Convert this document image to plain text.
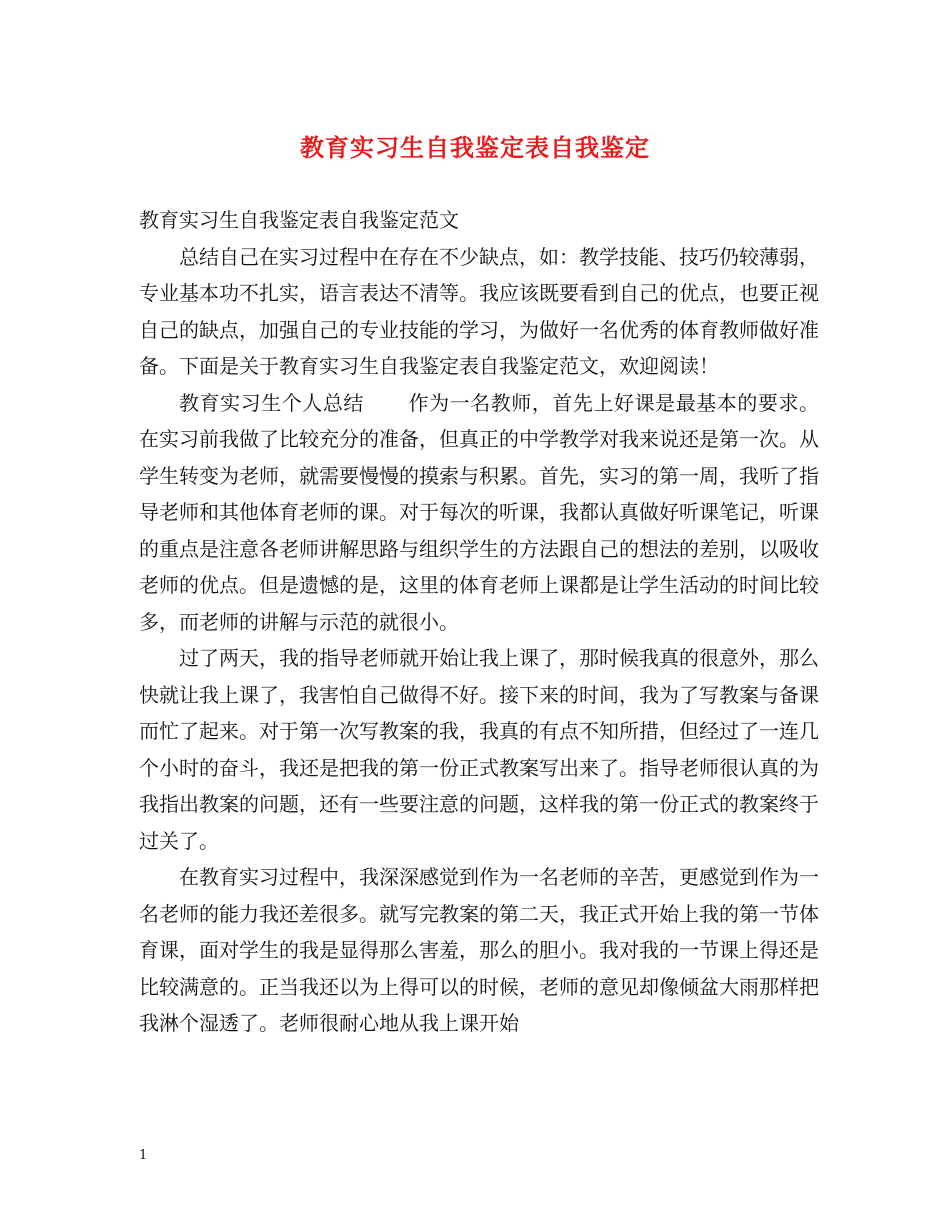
教育实习生自我鉴定表自我鉴定

教育实习生自我鉴定表自我鉴定范文

总结自己在实习过程中在存在不少缺点，如：教学技能、技巧仍较薄弱，专业基本功不扎实，语言表达不清等。我应该既要看到自己的优点，也要正视自己的缺点，加强自己的专业技能的学习，为做好一名优秀的体育教师做好准备。下面是关于教育实习生自我鉴定表自我鉴定范文，欢迎阅读！

教育实习生个人总结 作为一名教师，首先上好课是最基本的要求。在实习前我做了比较充分的准备，但真正的中学教学对我来说还是第一次。从学生转变为老师，就需要慢慢的摸索与积累。首先，实习的第一周，我听了指导老师和其他体育老师的课。对于每次的听课，我都认真做好听课笔记，听课的重点是注意各老师讲解思路与组织学生的方法跟自己的想法的差别，以吸收老师的优点。但是遗憾的是，这里的体育老师上课都是让学生活动的时间比较多，而老师的讲解与示范的就很小。

过了两天，我的指导老师就开始让我上课了，那时候我真的很意外，那么快就让我上课了，我害怕自己做得不好。接下来的时间，我为了写教案与备课而忙了起来。对于第一次写教案的我，我真的有点不知所措，但经过了一连几个小时的奋斗，我还是把我的第一份正式教案写出来了。指导老师很认真的为我指出教案的问题，还有一些要注意的问题，这样我的第一份正式的教案终于过关了。

在教育实习过程中，我深深感觉到作为一名老师的辛苦，更感觉到作为一名老师的能力我还差很多。就写完教案的第二天，我正式开始上我的第一节体育课，面对学生的我是显得那么害羞，那么的胆小。我对我的一节课上得还是比较满意的。正当我还以为上得可以的时候，老师的意见却像倾盆大雨那样把我淋个湿透了。老师很耐心地从我上课开始

1
